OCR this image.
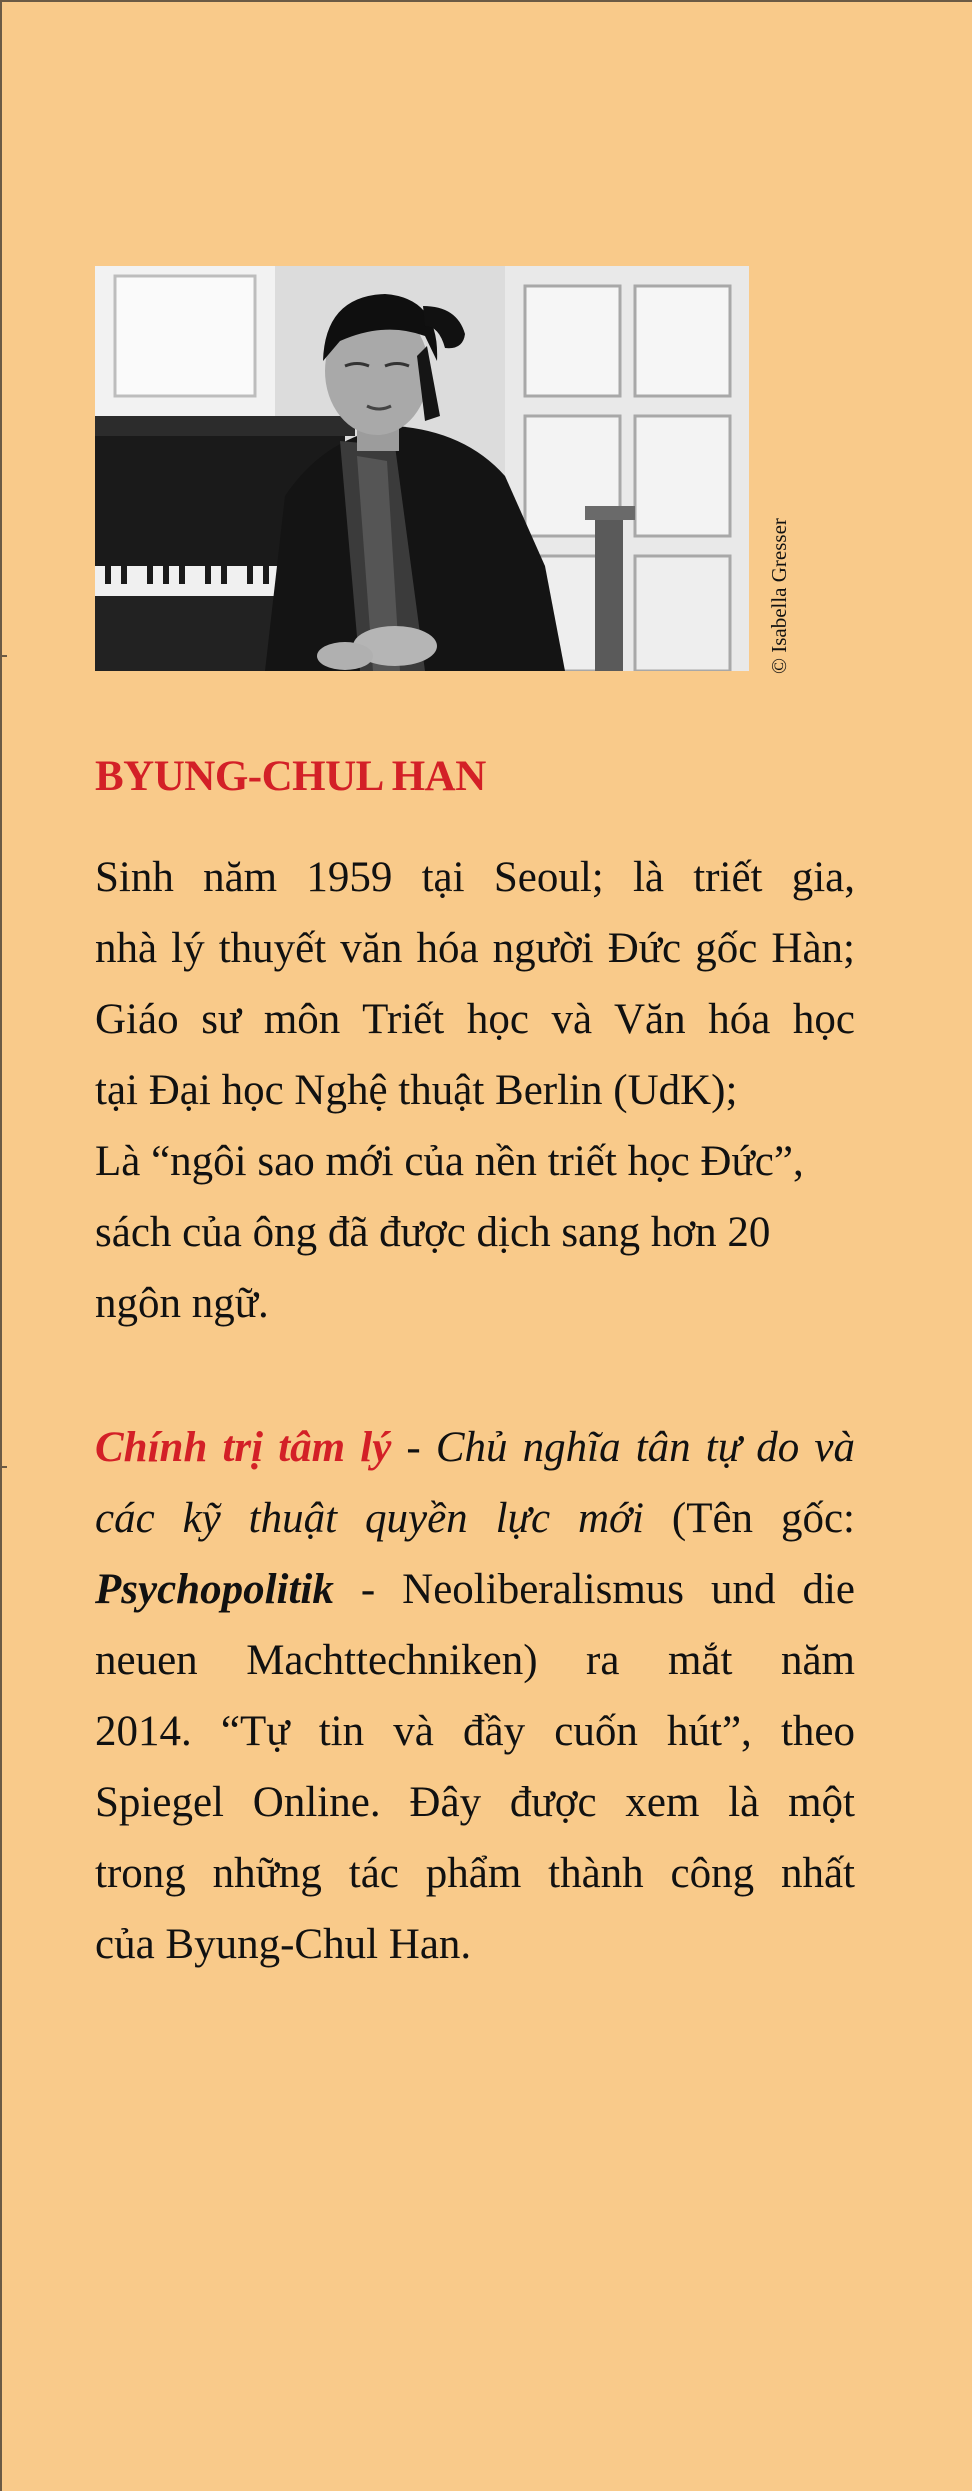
© Isabella Gresser
BYUNG-CHUL HAN
Sinh năm 1959 tại Seoul; là triết gia,
nhà lý thuyết văn hóa người Đức gốc Hàn;
Giáo sư môn Triết học và Văn hóa học
tại Đại học Nghệ thuật Berlin (UdK);
Là “ngôi sao mới của nền triết học Đức”,
sách của ông đã được dịch sang hơn 20
ngôn ngữ.
Chính trị tâm lý - Chủ nghĩa tân tự do và
các kỹ thuật quyền lực mới (Tên gốc:
Psychopolitik - Neoliberalismus und die
neuen Machttechniken) ra mắt năm
2014. “Tự tin và đầy cuốn hút”, theo
Spiegel Online. Đây được xem là một
trong những tác phẩm thành công nhất
của Byung-Chul Han.
